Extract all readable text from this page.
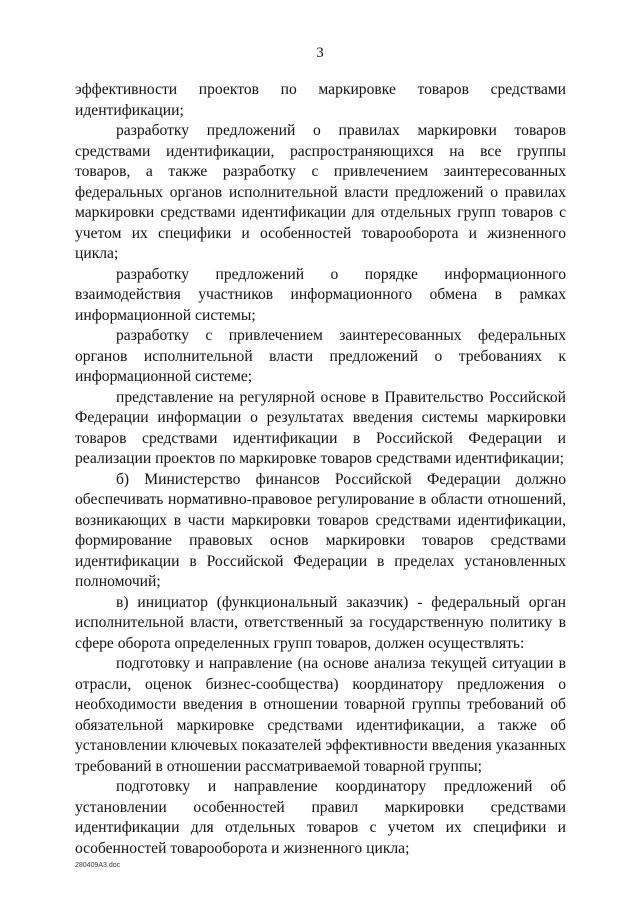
3

эффективности проектов по маркировке товаров средствами идентификации;

разработку предложений о правилах маркировки товаров средствами идентификации, распространяющихся на все группы товаров, а также разработку с привлечением заинтересованных федеральных органов исполнительной власти предложений о правилах маркировки средствами идентификации для отдельных групп товаров с учетом их специфики и особенностей товарооборота и жизненного цикла;

разработку предложений о порядке информационного взаимодействия участников информационного обмена в рамках информационной системы;

разработку с привлечением заинтересованных федеральных органов исполнительной власти предложений о требованиях к информационной системе;

представление на регулярной основе в Правительство Российской Федерации информации о результатах введения системы маркировки товаров средствами идентификации в Российской Федерации и реализации проектов по маркировке товаров средствами идентификации;

б) Министерство финансов Российской Федерации должно обеспечивать нормативно-правовое регулирование в области отношений, возникающих в части маркировки товаров средствами идентификации, формирование правовых основ маркировки товаров средствами идентификации в Российской Федерации в пределах установленных полномочий;

в) инициатор (функциональный заказчик) - федеральный орган исполнительной власти, ответственный за государственную политику в сфере оборота определенных групп товаров, должен осуществлять:

подготовку и направление (на основе анализа текущей ситуации в отрасли, оценок бизнес-сообщества) координатору предложения о необходимости введения в отношении товарной группы требований об обязательной маркировке средствами идентификации, а также об установлении ключевых показателей эффективности введения указанных требований в отношении рассматриваемой товарной группы;

подготовку и направление координатору предложений об установлении особенностей правил маркировки средствами идентификации для отдельных товаров с учетом их специфики и особенностей товарооборота и жизненного цикла;

280409A3.doc
